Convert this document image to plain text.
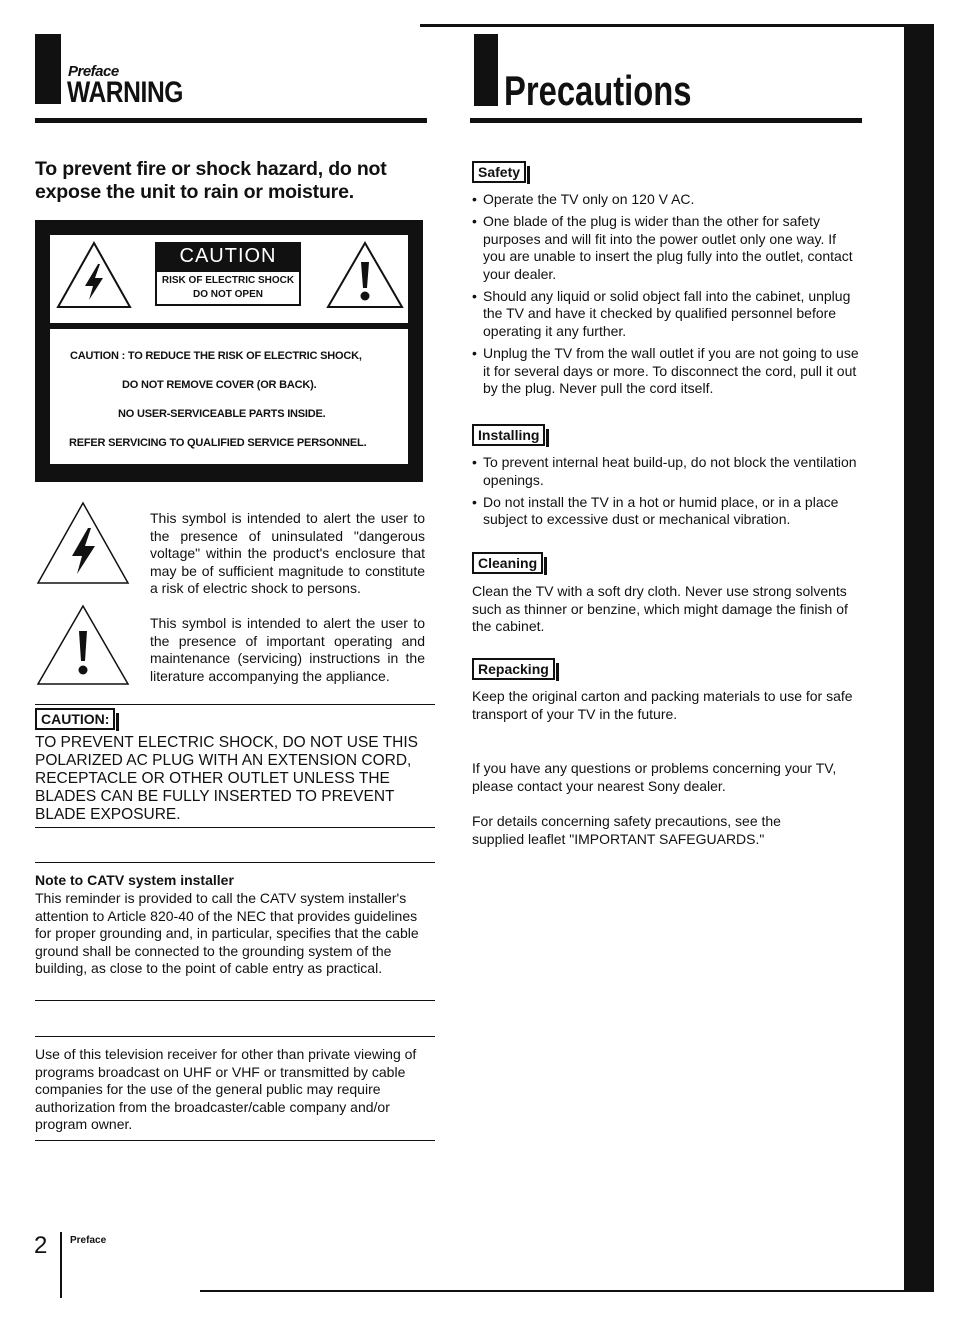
Preface
WARNING	Precautions
To prevent fire or shock hazard, do not expose the unit to rain or moisture.
CAUTION
RISK OF ELECTRIC SHOCK
DO NOT OPEN
CAUTION : TO REDUCE THE RISK OF ELECTRIC SHOCK,
DO NOT REMOVE COVER (OR BACK).
NO USER-SERVICEABLE PARTS INSIDE.
REFER SERVICING TO QUALIFIED SERVICE PERSONNEL.
This symbol is intended to alert the user to the presence of uninsulated "dangerous voltage" within the product's enclosure that may be of sufficient magnitude to constitute a risk of electric shock to persons.
This symbol is intended to alert the user to the presence of important operating and maintenance (servicing) instructions in the literature accompanying the appliance.
CAUTION:
TO PREVENT ELECTRIC SHOCK, DO NOT USE THIS POLARIZED AC PLUG WITH AN EXTENSION CORD, RECEPTACLE OR OTHER OUTLET UNLESS THE BLADES CAN BE FULLY INSERTED TO PREVENT BLADE EXPOSURE.
Note to CATV system installer
This reminder is provided to call the CATV system installer's attention to Article 820-40 of the NEC that provides guidelines for proper grounding and, in particular, specifies that the cable ground shall be connected to the grounding system of the building, as close to the point of cable entry as practical.
Use of this television receiver for other than private viewing of programs broadcast on UHF or VHF or transmitted by cable companies for the use of the general public may require authorization from the broadcaster/cable company and/or program owner.
Safety
• Operate the TV only on 120 V AC.
• One blade of the plug is wider than the other for safety purposes and will fit into the power outlet only one way. If you are unable to insert the plug fully into the outlet, contact your dealer.
• Should any liquid or solid object fall into the cabinet, unplug the TV and have it checked by qualified personnel before operating it any further.
• Unplug the TV from the wall outlet if you are not going to use it for several days or more. To disconnect the cord, pull it out by the plug. Never pull the cord itself.
Installing
• To prevent internal heat build-up, do not block the ventilation openings.
• Do not install the TV in a hot or humid place, or in a place subject to excessive dust or mechanical vibration.
Cleaning
Clean the TV with a soft dry cloth. Never use strong solvents such as thinner or benzine, which might damage the finish of the cabinet.
Repacking
Keep the original carton and packing materials to use for safe transport of your TV in the future.
If you have any questions or problems concerning your TV, please contact your nearest Sony dealer.
For details concerning safety precautions, see the supplied leaflet "IMPORTANT SAFEGUARDS."
2 Preface
